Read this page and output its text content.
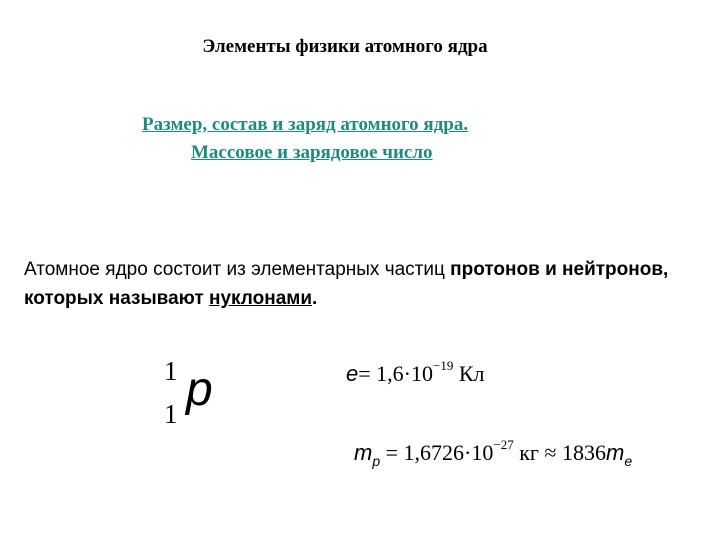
Элементы физики атомного ядра
Размер, состав и заряд атомного ядра.
Массовое и зарядовое число
Атомное ядро состоит из элементарных частиц протонов и нейтронов, которых называют нуклонами.
1
1 p	$e= 1,6\cdot 10^{-19}$ Кл
$m_p = 1,6726\cdot 10^{-27}$ кг ≈ $1836m_e$
